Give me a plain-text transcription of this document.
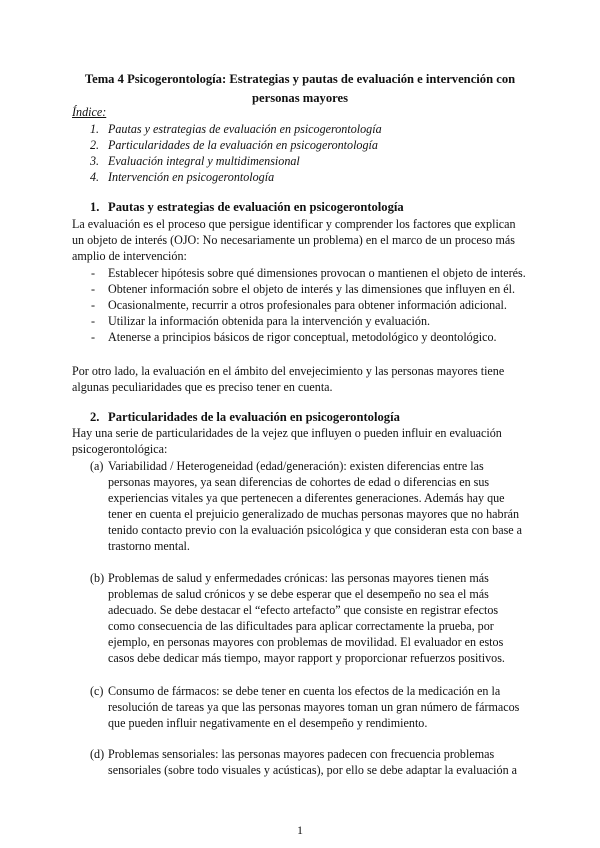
Tema 4 Psicogerontología: Estrategias y pautas de evaluación e intervención con
personas mayores
Índice:
1. Pautas y estrategias de evaluación en psicogerontología
2. Particularidades de la evaluación en psicogerontología
3. Evaluación integral y multidimensional
4. Intervención en psicogerontología
1. Pautas y estrategias de evaluación en psicogerontología
La evaluación es el proceso que persigue identificar y comprender los factores que explican
un objeto de interés (OJO: No necesariamente un problema) en el marco de un proceso más
amplio de intervención:
- Establecer hipótesis sobre qué dimensiones provocan o mantienen el objeto de interés.
- Obtener información sobre el objeto de interés y las dimensiones que influyen en él.
- Ocasionalmente, recurrir a otros profesionales para obtener información adicional.
- Utilizar la información obtenida para la intervención y evaluación.
- Atenerse a principios básicos de rigor conceptual, metodológico y deontológico.
Por otro lado, la evaluación en el ámbito del envejecimiento y las personas mayores tiene
algunas peculiaridades que es preciso tener en cuenta.
2. Particularidades de la evaluación en psicogerontología
Hay una serie de particularidades de la vejez que influyen o pueden influir en evaluación
psicogerontológica:
(a) Variabilidad / Heterogeneidad (edad/generación): existen diferencias entre las
personas mayores, ya sean diferencias de cohortes de edad o diferencias en sus
experiencias vitales ya que pertenecen a diferentes generaciones. Además hay que
tener en cuenta el prejuicio generalizado de muchas personas mayores que no habrán
tenido contacto previo con la evaluación psicológica y que consideran esta con base a
trastorno mental.
(b) Problemas de salud y enfermedades crónicas: las personas mayores tienen más
problemas de salud crónicos y se debe esperar que el desempeño no sea el más
adecuado. Se debe destacar el “efecto artefacto” que consiste en registrar efectos
como consecuencia de las dificultades para aplicar correctamente la prueba, por
ejemplo, en personas mayores con problemas de movilidad. El evaluador en estos
casos debe dedicar más tiempo, mayor rapport y proporcionar refuerzos positivos.
(c) Consumo de fármacos: se debe tener en cuenta los efectos de la medicación en la
resolución de tareas ya que las personas mayores toman un gran número de fármacos
que pueden influir negativamente en el desempeño y rendimiento.
(d) Problemas sensoriales: las personas mayores padecen con frecuencia problemas
sensoriales (sobre todo visuales y acústicas), por ello se debe adaptar la evaluación a
1
